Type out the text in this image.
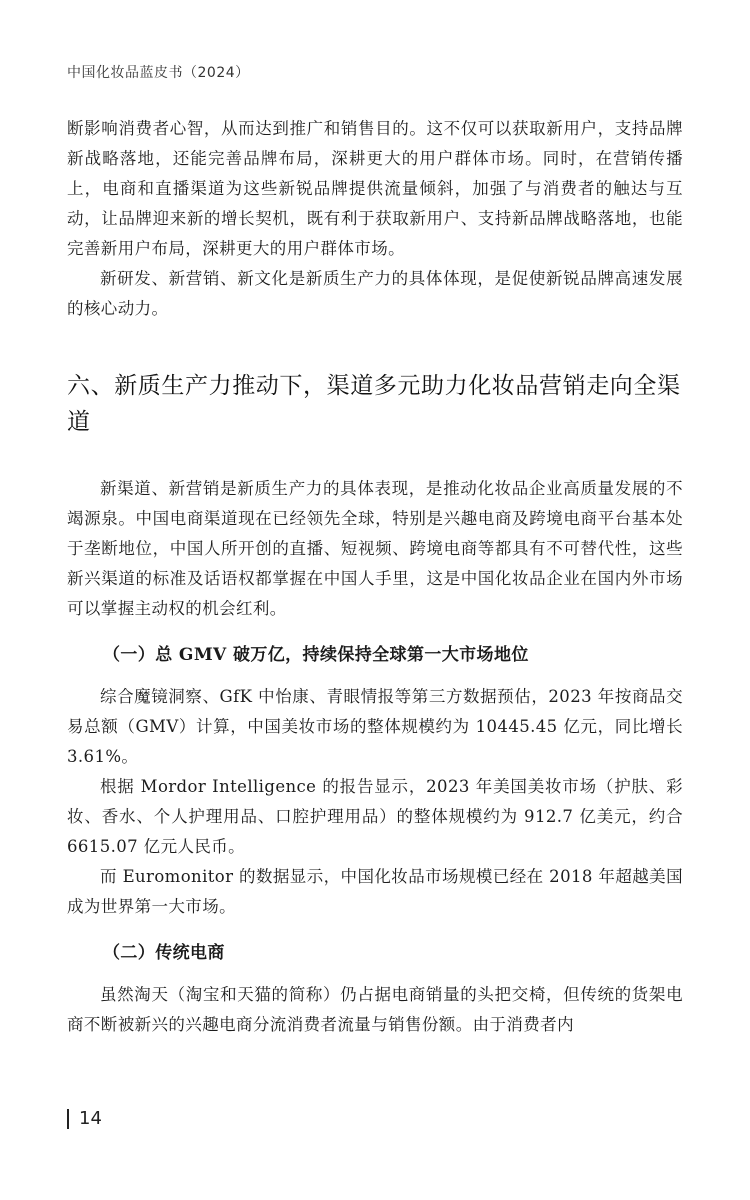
中国化妆品蓝皮书（2024）

断影响消费者心智，从而达到推广和销售目的。这不仅可以获取新用户，支持品牌新战略落地，还能完善品牌布局，深耕更大的用户群体市场。同时，在营销传播上，电商和直播渠道为这些新锐品牌提供流量倾斜，加强了与消费者的触达与互动，让品牌迎来新的增长契机，既有利于获取新用户、支持新品牌战略落地，也能完善新用户布局，深耕更大的用户群体市场。

新研发、新营销、新文化是新质生产力的具体体现，是促使新锐品牌高速发展的核心动力。

六、新质生产力推动下，渠道多元助力化妆品营销走向全渠道

新渠道、新营销是新质生产力的具体表现，是推动化妆品企业高质量发展的不竭源泉。中国电商渠道现在已经领先全球，特别是兴趣电商及跨境电商平台基本处于垄断地位，中国人所开创的直播、短视频、跨境电商等都具有不可替代性，这些新兴渠道的标准及话语权都掌握在中国人手里，这是中国化妆品企业在国内外市场可以掌握主动权的机会红利。

（一）总 GMV 破万亿，持续保持全球第一大市场地位

综合魔镜洞察、GfK 中怡康、青眼情报等第三方数据预估，2023 年按商品交易总额（GMV）计算，中国美妆市场的整体规模约为 10445.45 亿元，同比增长 3.61%。

根据 Mordor Intelligence 的报告显示，2023 年美国美妆市场（护肤、彩妆、香水、个人护理用品、口腔护理用品）的整体规模约为 912.7 亿美元，约合 6615.07 亿元人民币。

而 Euromonitor 的数据显示，中国化妆品市场规模已经在 2018 年超越美国成为世界第一大市场。

（二）传统电商

虽然淘天（淘宝和天猫的简称）仍占据电商销量的头把交椅，但传统的货架电商不断被新兴的兴趣电商分流消费者流量与销售份额。由于消费者内

14
